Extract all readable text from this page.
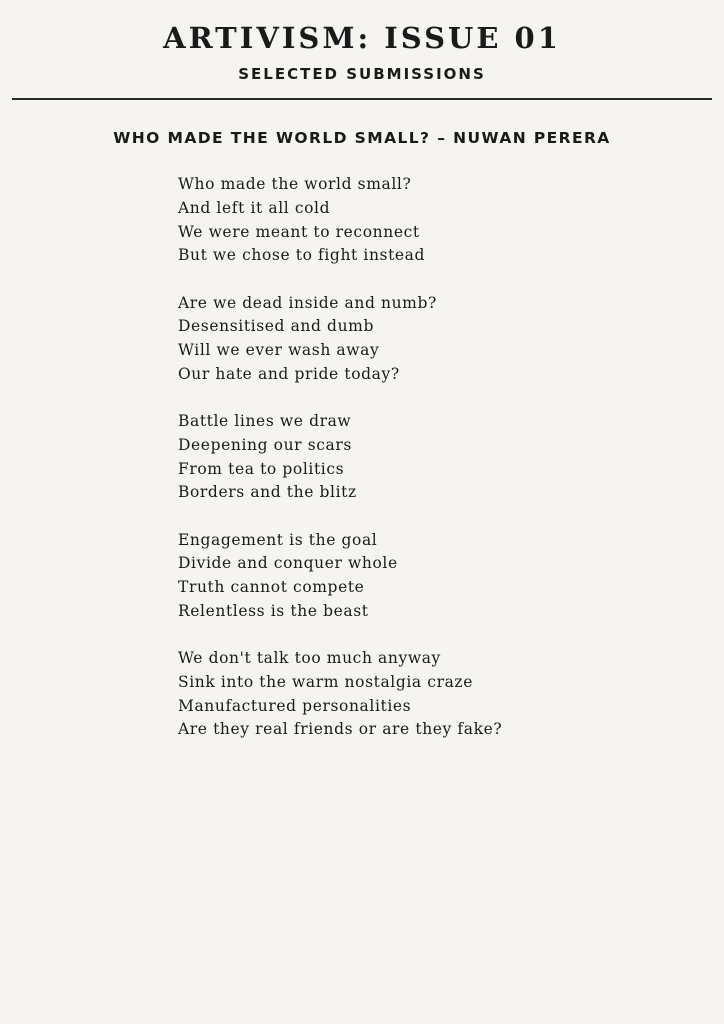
ARTIVISM: ISSUE 01
SELECTED SUBMISSIONS
WHO MADE THE WORLD SMALL? – NUWAN PERERA
Who made the world small?
And left it all cold
We were meant to reconnect
But we chose to fight instead
Are we dead inside and numb?
Desensitised and dumb
Will we ever wash away
Our hate and pride today?
Battle lines we draw
Deepening our scars
From tea to politics
Borders and the blitz
Engagement is the goal
Divide and conquer whole
Truth cannot compete
Relentless is the beast
We don't talk too much anyway
Sink into the warm nostalgia craze
Manufactured personalities
Are they real friends or are they fake?
